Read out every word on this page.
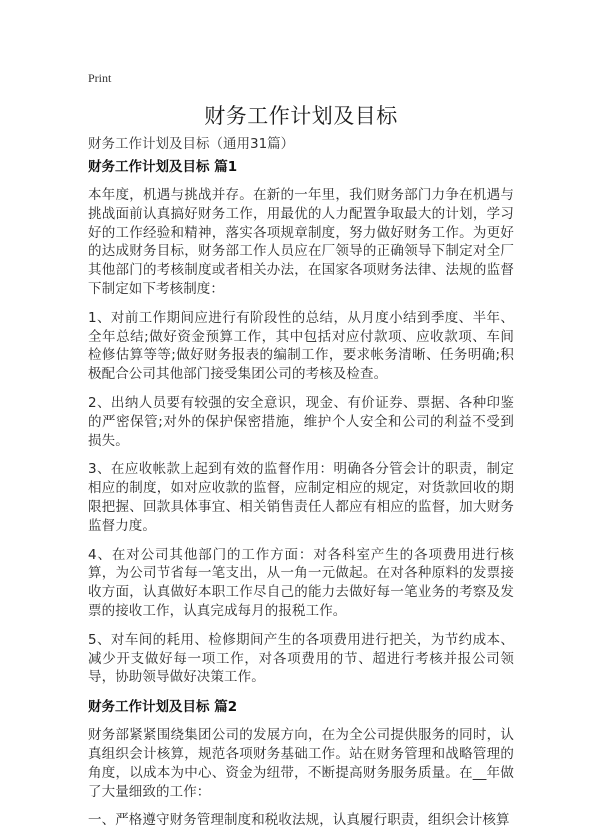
Print
财务工作计划及目标
财务工作计划及目标（通用31篇）
财务工作计划及目标 篇1

本年度，机遇与挑战并存。在新的一年里，我们财务部门力争在机遇与挑战面前认真搞好财务工作，用最优的人力配置争取最大的计划，学习好的工作经验和精神，落实各项规章制度，努力做好财务工作。为更好的达成财务目标，财务部工作人员应在厂领导的正确领导下制定对全厂其他部门的考核制度或者相关办法，在国家各项财务法律、法规的监督下制定如下考核制度：

1、对前工作期间应进行有阶段性的总结，从月度小结到季度、半年、全年总结;做好资金预算工作，其中包括对应付款项、应收款项、车间检修估算等等;做好财务报表的编制工作，要求帐务清晰、任务明确;积极配合公司其他部门接受集团公司的考核及检查。

2、出纳人员要有较强的安全意识，现金、有价证券、票据、各种印鉴的严密保管;对外的保护保密措施，维护个人安全和公司的利益不受到损失。

3、在应收帐款上起到有效的监督作用：明确各分管会计的职责，制定相应的制度，如对应收款的监督，应制定相应的规定，对货款回收的期限把握、回款具体事宜、相关销售责任人都应有相应的监督，加大财务监督力度。

4、在对公司其他部门的工作方面：对各科室产生的各项费用进行核算，为公司节省每一笔支出，从一角一元做起。在对各种原料的发票接收方面，认真做好本职工作尽自己的能力去做好每一笔业务的考察及发票的接收工作，认真完成每月的报税工作。

5、对车间的耗用、检修期间产生的各项费用进行把关，为节约成本、减少开支做好每一项工作，对各项费用的节、超进行考核并报公司领导，协助领导做好决策工作。

财务工作计划及目标 篇2

财务部紧紧围绕集团公司的发展方向，在为全公司提供服务的同时，认真组织会计核算，规范各项财务基础工作。站在财务管理和战略管理的角度，以成本为中心、资金为纽带，不断提高财务服务质量。在__年做了大量细致的工作：

一、严格遵守财务管理制度和税收法规，认真履行职责，组织会计核算
